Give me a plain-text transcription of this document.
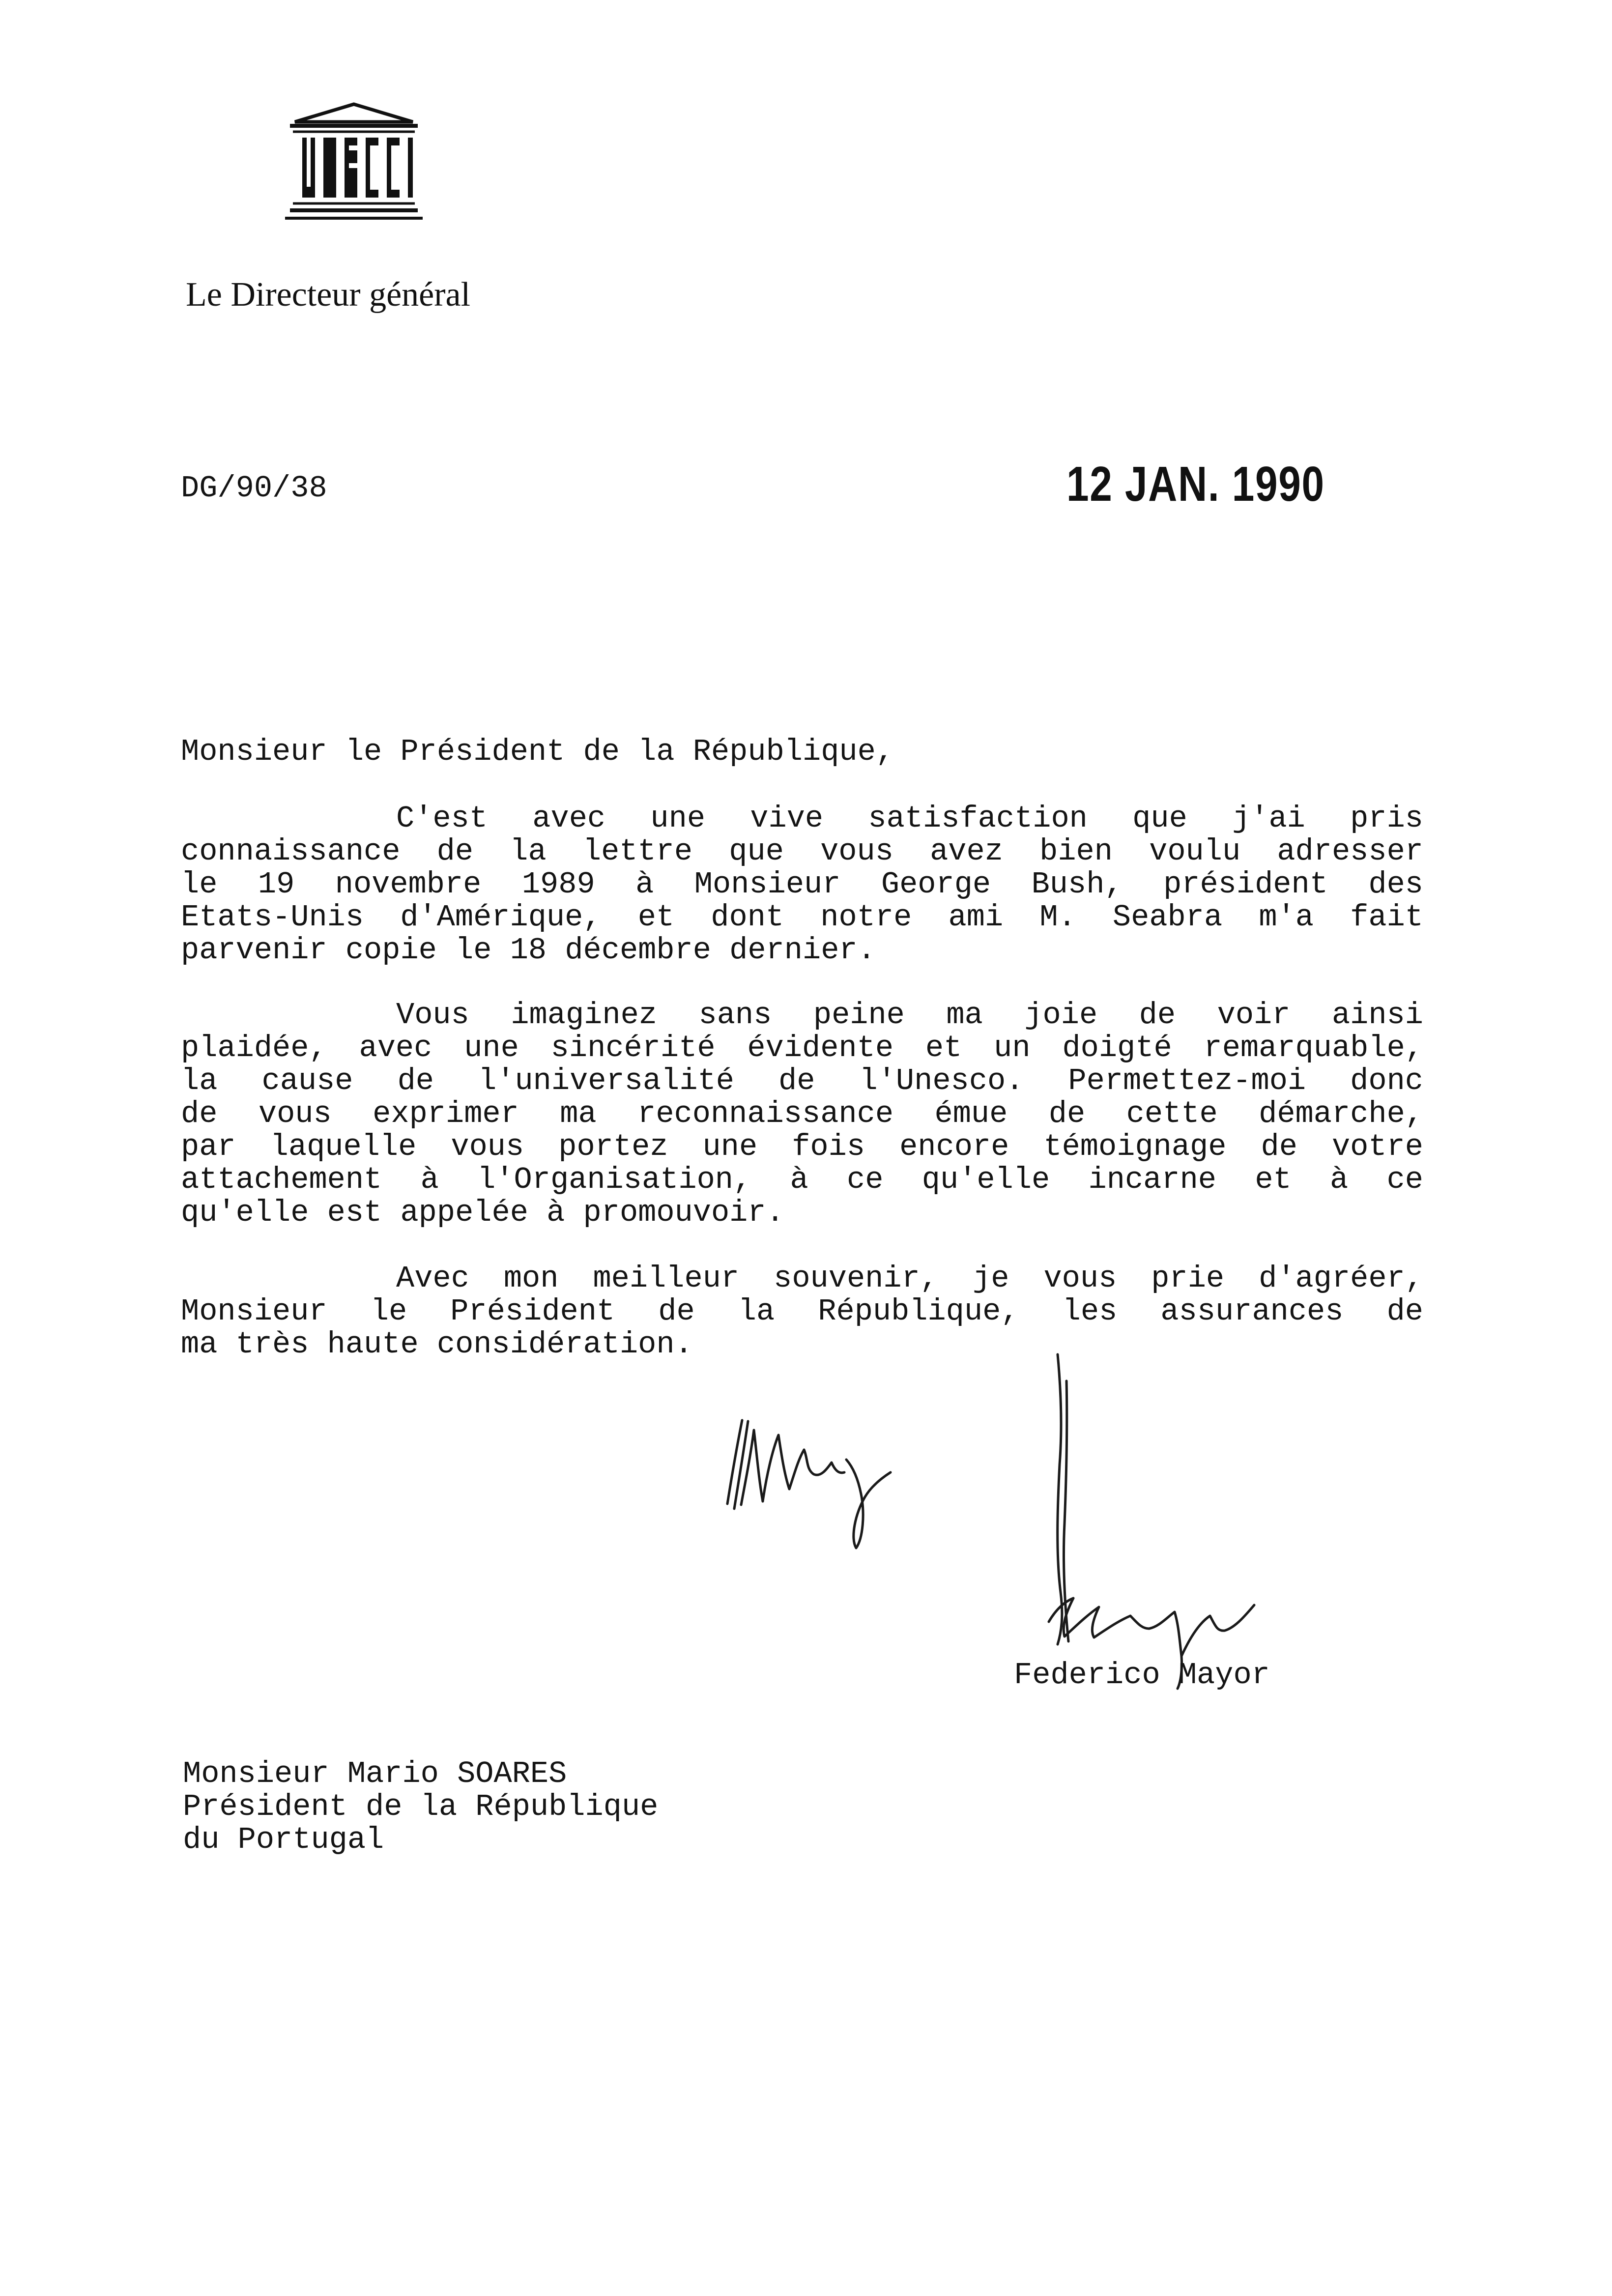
Le Directeur général
DG/90/38	12 JAN. 1990
Monsieur le Président de la République,
C'est avec une vive satisfaction que j'ai pris
connaissance de la lettre que vous avez bien voulu adresser
le 19 novembre 1989 à Monsieur George Bush, président des
Etats-Unis d'Amérique, et dont notre ami M. Seabra m'a fait
parvenir copie le 18 décembre dernier.
Vous imaginez sans peine ma joie de voir ainsi
plaidée, avec une sincérité évidente et un doigté remarquable,
la cause de l'universalité de l'Unesco. Permettez-moi donc
de vous exprimer ma reconnaissance émue de cette démarche,
par laquelle vous portez une fois encore témoignage de votre
attachement à l'Organisation, à ce qu'elle incarne et à ce
qu'elle est appelée à promouvoir.
Avec mon meilleur souvenir, je vous prie d'agréer,
Monsieur le Président de la République, les assurances de
ma très haute considération.
Federico Mayor
Monsieur Mario SOARES
Président de la République
du Portugal
